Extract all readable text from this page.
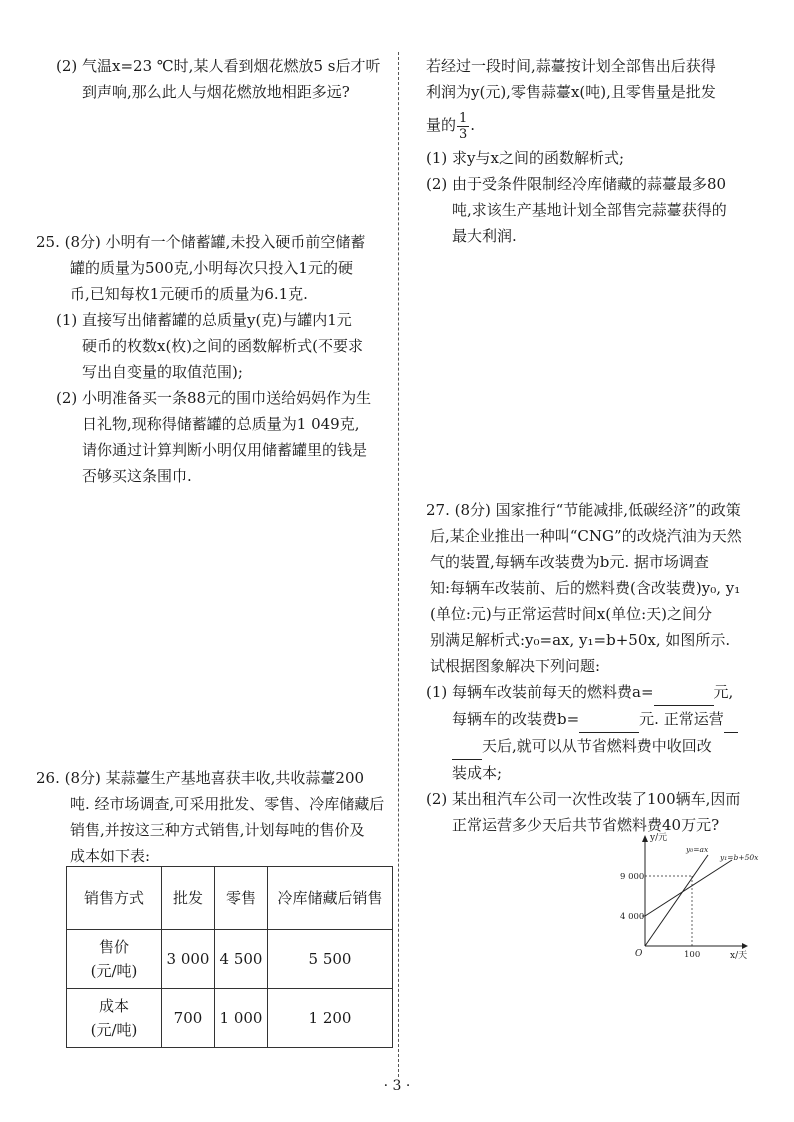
(2) 气温x=23 ℃时,某人看到烟花燃放5 s后才听

到声响,那么此人与烟花燃放地相距多远?

25. (8分) 小明有一个储蓄罐,未投入硬币前空储蓄

罐的质量为500克,小明每次只投入1元的硬

币,已知每枚1元硬币的质量为6.1克.

(1) 直接写出储蓄罐的总质量y(克)与罐内1元

硬币的枚数x(枚)之间的函数解析式(不要求

写出自变量的取值范围);

(2) 小明准备买一条88元的围巾送给妈妈作为生

日礼物,现称得储蓄罐的总质量为1 049克,

请你通过计算判断小明仅用储蓄罐里的钱是

否够买这条围巾.

26. (8分) 某蒜薹生产基地喜获丰收,共收蒜薹200

吨. 经市场调查,可采用批发、零售、冷库储藏后

销售,并按这三种方式销售,计划每吨的售价及

成本如下表:

销售方式	批发	零售	冷库储藏后销售
售价
(元/吨)	3 000	4 500	5 500
成本
(元/吨)	700	1 000	1 200

若经过一段时间,蒜薹按计划全部售出后获得

利润为y(元),零售蒜薹x(吨),且零售量是批发

量的 $\frac{1}{3}$ .

(1) 求y与x之间的函数解析式;

(2) 由于受条件限制经冷库储藏的蒜薹最多80

吨,求该生产基地计划全部售完蒜薹获得的

最大利润.

27. (8分) 国家推行“节能减排,低碳经济”的政策

后,某企业推出一种叫“CNG”的改烧汽油为天然

气的装置,每辆车改装费为b元. 据市场调查

知:每辆车改装前、后的燃料费(含改装费)y₀, y₁

(单位:元)与正常运营时间x(单位:天)之间分

别满足解析式:y₀=ax, y₁=b+50x, 如图所示.

试根据图象解决下列问题:

(1) 每辆车改装前每天的燃料费a=	元,

每辆车的改装费b=	元. 正常运营

天后,就可以从节省燃料费中收回改

装成本;

(2) 某出租汽车公司一次性改装了100辆车,因而

正常运营多少天后共节省燃料费40万元?

y/元
x/天
O
9 000
4 000
100
y₀=ax
y₁=b+50x
· 3 ·
